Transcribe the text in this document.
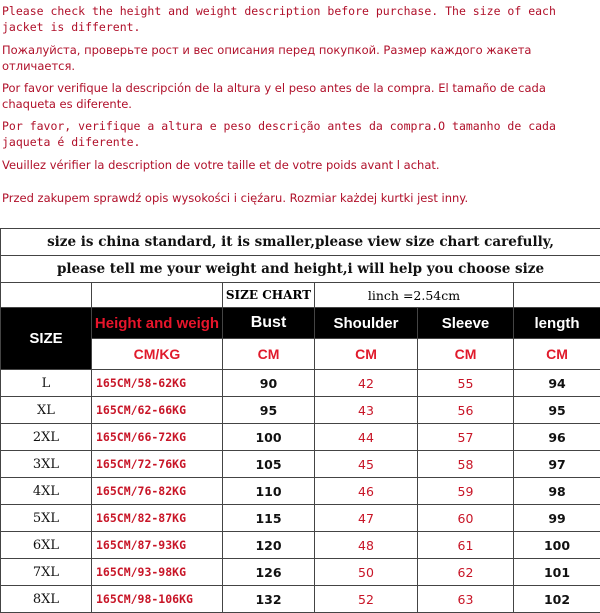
Please check the height and weight description before purchase. The size of each jacket is different.
Пожалуйста, проверьте рост и вес описания перед покупкой. Размер каждого жакета отличается.
Por favor verifique la descripción de la altura y el peso antes de la compra. El tamaño de cada chaqueta es diferente.
Por favor, verifique a altura e peso descrição antes da compra.O tamanho de cada jaqueta é diferente.
Veuillez vérifier la description de votre taille et de votre poids avant l achat.
Przed zakupem sprawdź opis wysokości i cięźaru. Rozmiar każdej kurtki jest inny.
size is china standard, it is smaller,please view size chart carefully,					
please tell me your weight and height,i will help you choose size					
		SIZE CHART	linch =2.54cm		
SIZE	Height and weigh	Bust	Shoulder	Sleeve	length
	CM/KG	CM	CM	CM	CM
L	165CM/58-62KG	90	42	55	94
XL	165CM/62-66KG	95	43	56	95
2XL	165CM/66-72KG	100	44	57	96
3XL	165CM/72-76KG	105	45	58	97
4XL	165CM/76-82KG	110	46	59	98
5XL	165CM/82-87KG	115	47	60	99
6XL	165CM/87-93KG	120	48	61	100
7XL	165CM/93-98KG	126	50	62	101
8XL	165CM/98-106KG	132	52	63	102
